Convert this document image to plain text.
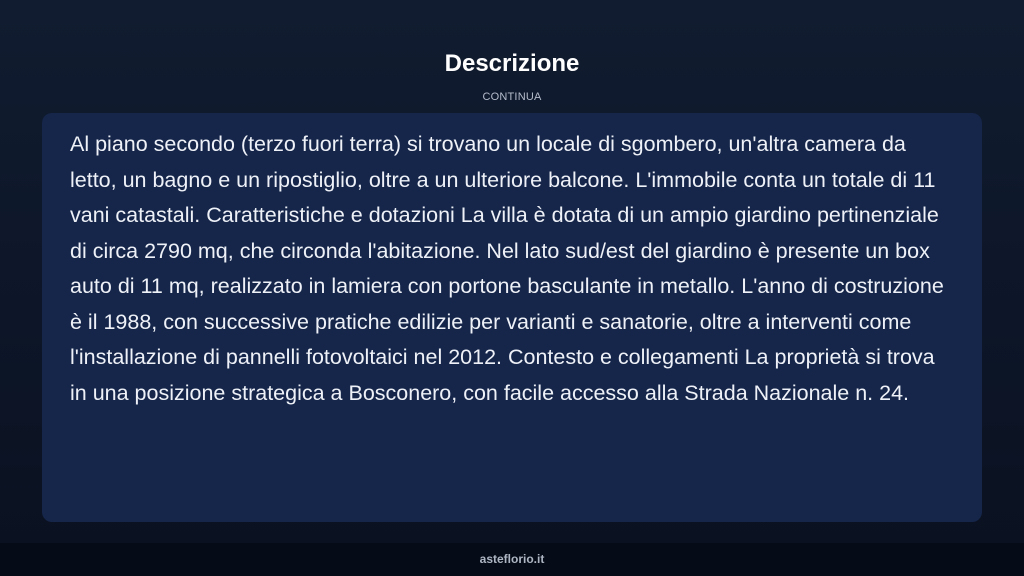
Descrizione
CONTINUA

Al piano secondo (terzo fuori terra) si trovano un locale di sgombero, un'altra camera da letto, un bagno e un ripostiglio, oltre a un ulteriore balcone. L'immobile conta un totale di 11 vani catastali. Caratteristiche e dotazioni La villa è dotata di un ampio giardino pertinenziale di circa 2790 mq, che circonda l'abitazione. Nel lato sud/est del giardino è presente un box auto di 11 mq, realizzato in lamiera con portone basculante in metallo. L'anno di costruzione è il 1988, con successive pratiche edilizie per varianti e sanatorie, oltre a interventi come l'installazione di pannelli fotovoltaici nel 2012. Contesto e collegamenti La proprietà si trova in una posizione strategica a Bosconero, con facile accesso alla Strada Nazionale n. 24.

asteflorio.it
